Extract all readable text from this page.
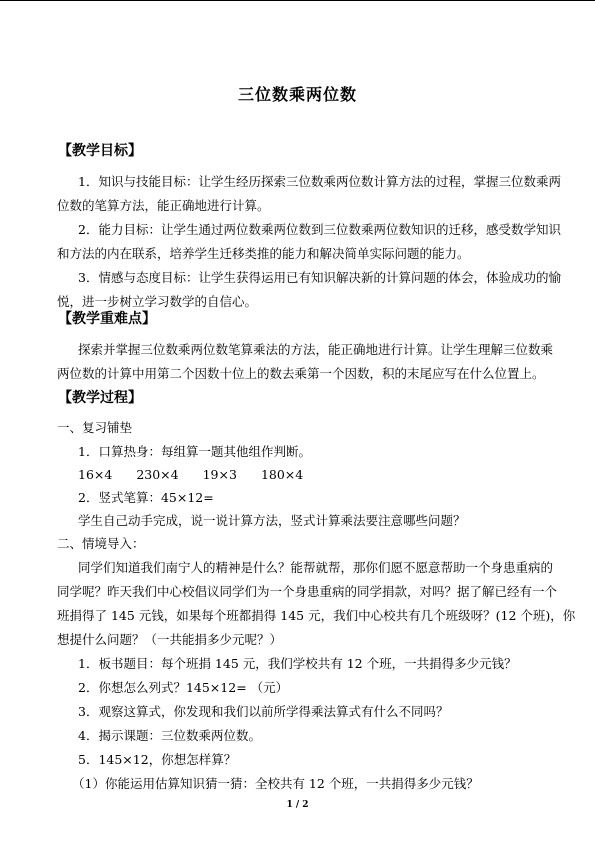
三位数乘两位数
【教学目标】
1．知识与技能目标：让学生经历探索三位数乘两位数计算方法的过程，掌握三位数乘两
位数的笔算方法，能正确地进行计算。
2．能力目标：让学生通过两位数乘两位数到三位数乘两位数知识的迁移，感受数学知识
和方法的内在联系，培养学生迁移类推的能力和解决简单实际问题的能力。
3．情感与态度目标：让学生获得运用已有知识解决新的计算问题的体会，体验成功的愉
悦，进一步树立学习数学的自信心。
【教学重难点】
探索并掌握三位数乘两位数笔算乘法的方法，能正确地进行计算。让学生理解三位数乘
两位数的计算中用第二个因数十位上的数去乘第一个因数，积的末尾应写在什么位置上。
【教学过程】
一、复习铺垫
1．口算热身：每组算一题其他组作判断。
16×4 230×4 19×3 180×4
2．竖式笔算：45×12=
学生自己动手完成，说一说计算方法，竖式计算乘法要注意哪些问题？
二、情境导入：
同学们知道我们南宁人的精神是什么？能帮就帮，那你们愿不愿意帮助一个身患重病的
同学呢？昨天我们中心校倡议同学们为一个身患重病的同学捐款，对吗？据了解已经有一个
班捐得了 145 元钱，如果每个班都捐得 145 元，我们中心校共有几个班级呀？(12 个班)，你
想提什么问题？（一共能捐多少元呢？）
1．板书题目：每个班捐 145 元，我们学校共有 12 个班，一共捐得多少元钱？
2．你想怎么列式？145×12= （元）
3．观察这算式，你发现和我们以前所学得乘法算式有什么不同吗？
4．揭示课题：三位数乘两位数。
5．145×12，你想怎样算？
（1）你能运用估算知识猜一猜：全校共有 12 个班，一共捐得多少元钱？
1 / 2
